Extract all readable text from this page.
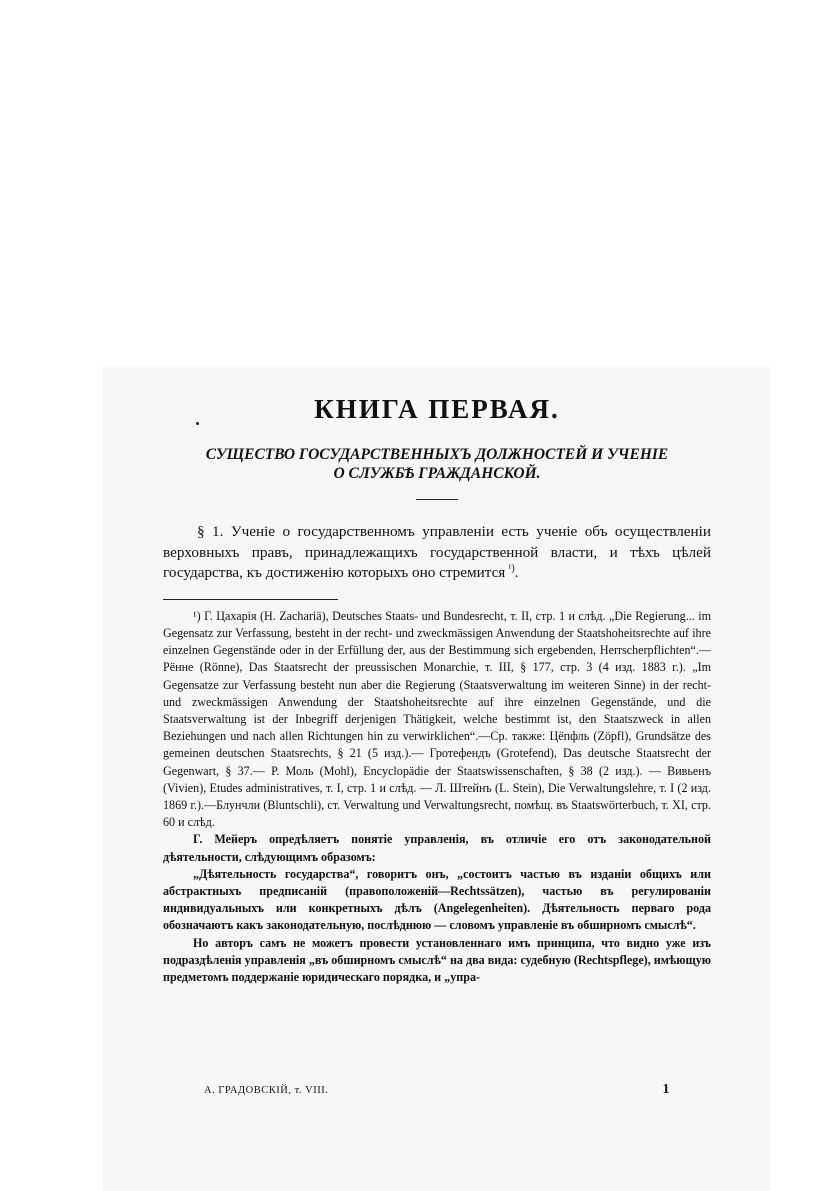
КНИГА ПЕРВАЯ.
СУЩЕСТВО ГОСУДАРСТВЕННЫХЪ ДОЛЖНОСТЕЙ И УЧЕНІЕ
О СЛУЖБѢ ГРАЖДАНСКОЙ.

§ 1. Ученіе о государственномъ управленіи есть ученіе объ осуществленіи верховныхъ правъ, принадлежащихъ государственной власти, и тѣхъ цѣлей государства, къ достиженію которыхъ оно стремится  $^{^1)}$.

¹) Г. Цахарія (H. Zachariä), Deutsches Staats- und Bundesrecht, т. II, стр. 1 и слѣд. „Die Regierung... im Gegensatz zur Verfassung, besteht in der recht- und zweckmässigen Anwendung der Staatshoheitsrechte auf ihre einzelnen Gegenstände oder in der Erfüllung der, aus der Bestimmung sich ergebenden, Herrscherpflichten“.— Рённе (Rönne), Das Staatsrecht der preussischen Monarchie, т. III, § 177, стр. 3 (4 изд. 1883 г.). „Im Gegensatze zur Verfassung besteht nun aber die Regierung (Staatsverwaltung im weiteren Sinne) in der recht- und zweckmässigen Anwendung der Staatshoheitsrechte auf ihre einzelnen Gegenstände, und die Staatsverwaltung ist der Inbegriff derjenigen Thätigkeit, welche bestimmt ist, den Staatszweck in allen Beziehungen und nach allen Richtungen hin zu verwirklichen“.—Ср. также: Цёпфль (Zöpfl), Grundsätze des gemeinen deutschen Staatsrechts, § 21 (5 изд.).— Гротефендъ (Grotefend), Das deutsche Staatsrecht der Gegenwart, § 37.— Р. Моль (Mohl), Encyclopädie der Staatswissenschaften, § 38 (2 изд.). — Вивьенъ (Vivien), Etudes administratives, т. I, стр. 1 и слѣд. — Л. Штейнъ (L. Stein), Die Verwaltungslehre, т. I (2 изд. 1869 г.).—Блунчли (Bluntschli), ст. Verwaltung und Verwaltungsrecht, помѣщ. въ Staatswörterbuch, т. XI, стр. 60 и слѣд.

Г. Мейеръ опредѣляетъ понятіе управленія, въ отличіе его отъ законодательной дѣятельности, слѣдующимъ образомъ:

„Дѣятельность государства“, говоритъ онъ, „состоитъ частью въ изданіи общихъ или абстрактныхъ предписаній (правоположеній—Rechtssätzen), частью въ регулированіи индивидуальныхъ или конкретныхъ дѣлъ (Angelegenheiten). Дѣятельность перваго рода обозначаютъ какъ законодательную, послѣднюю — словомъ управленіе въ обширномъ смыслѣ“.

Но авторъ самъ не можетъ провести установленнаго имъ принципа, что видно уже изъ подраздѣленія управленія „въ обширномъ смыслѣ“ на два вида: судебную (Rechtspflege), имѣющую предметомъ поддержаніе юридическаго порядка, и „упра-

А. ГРАДОВСКІЙ, т. VIII.	1
